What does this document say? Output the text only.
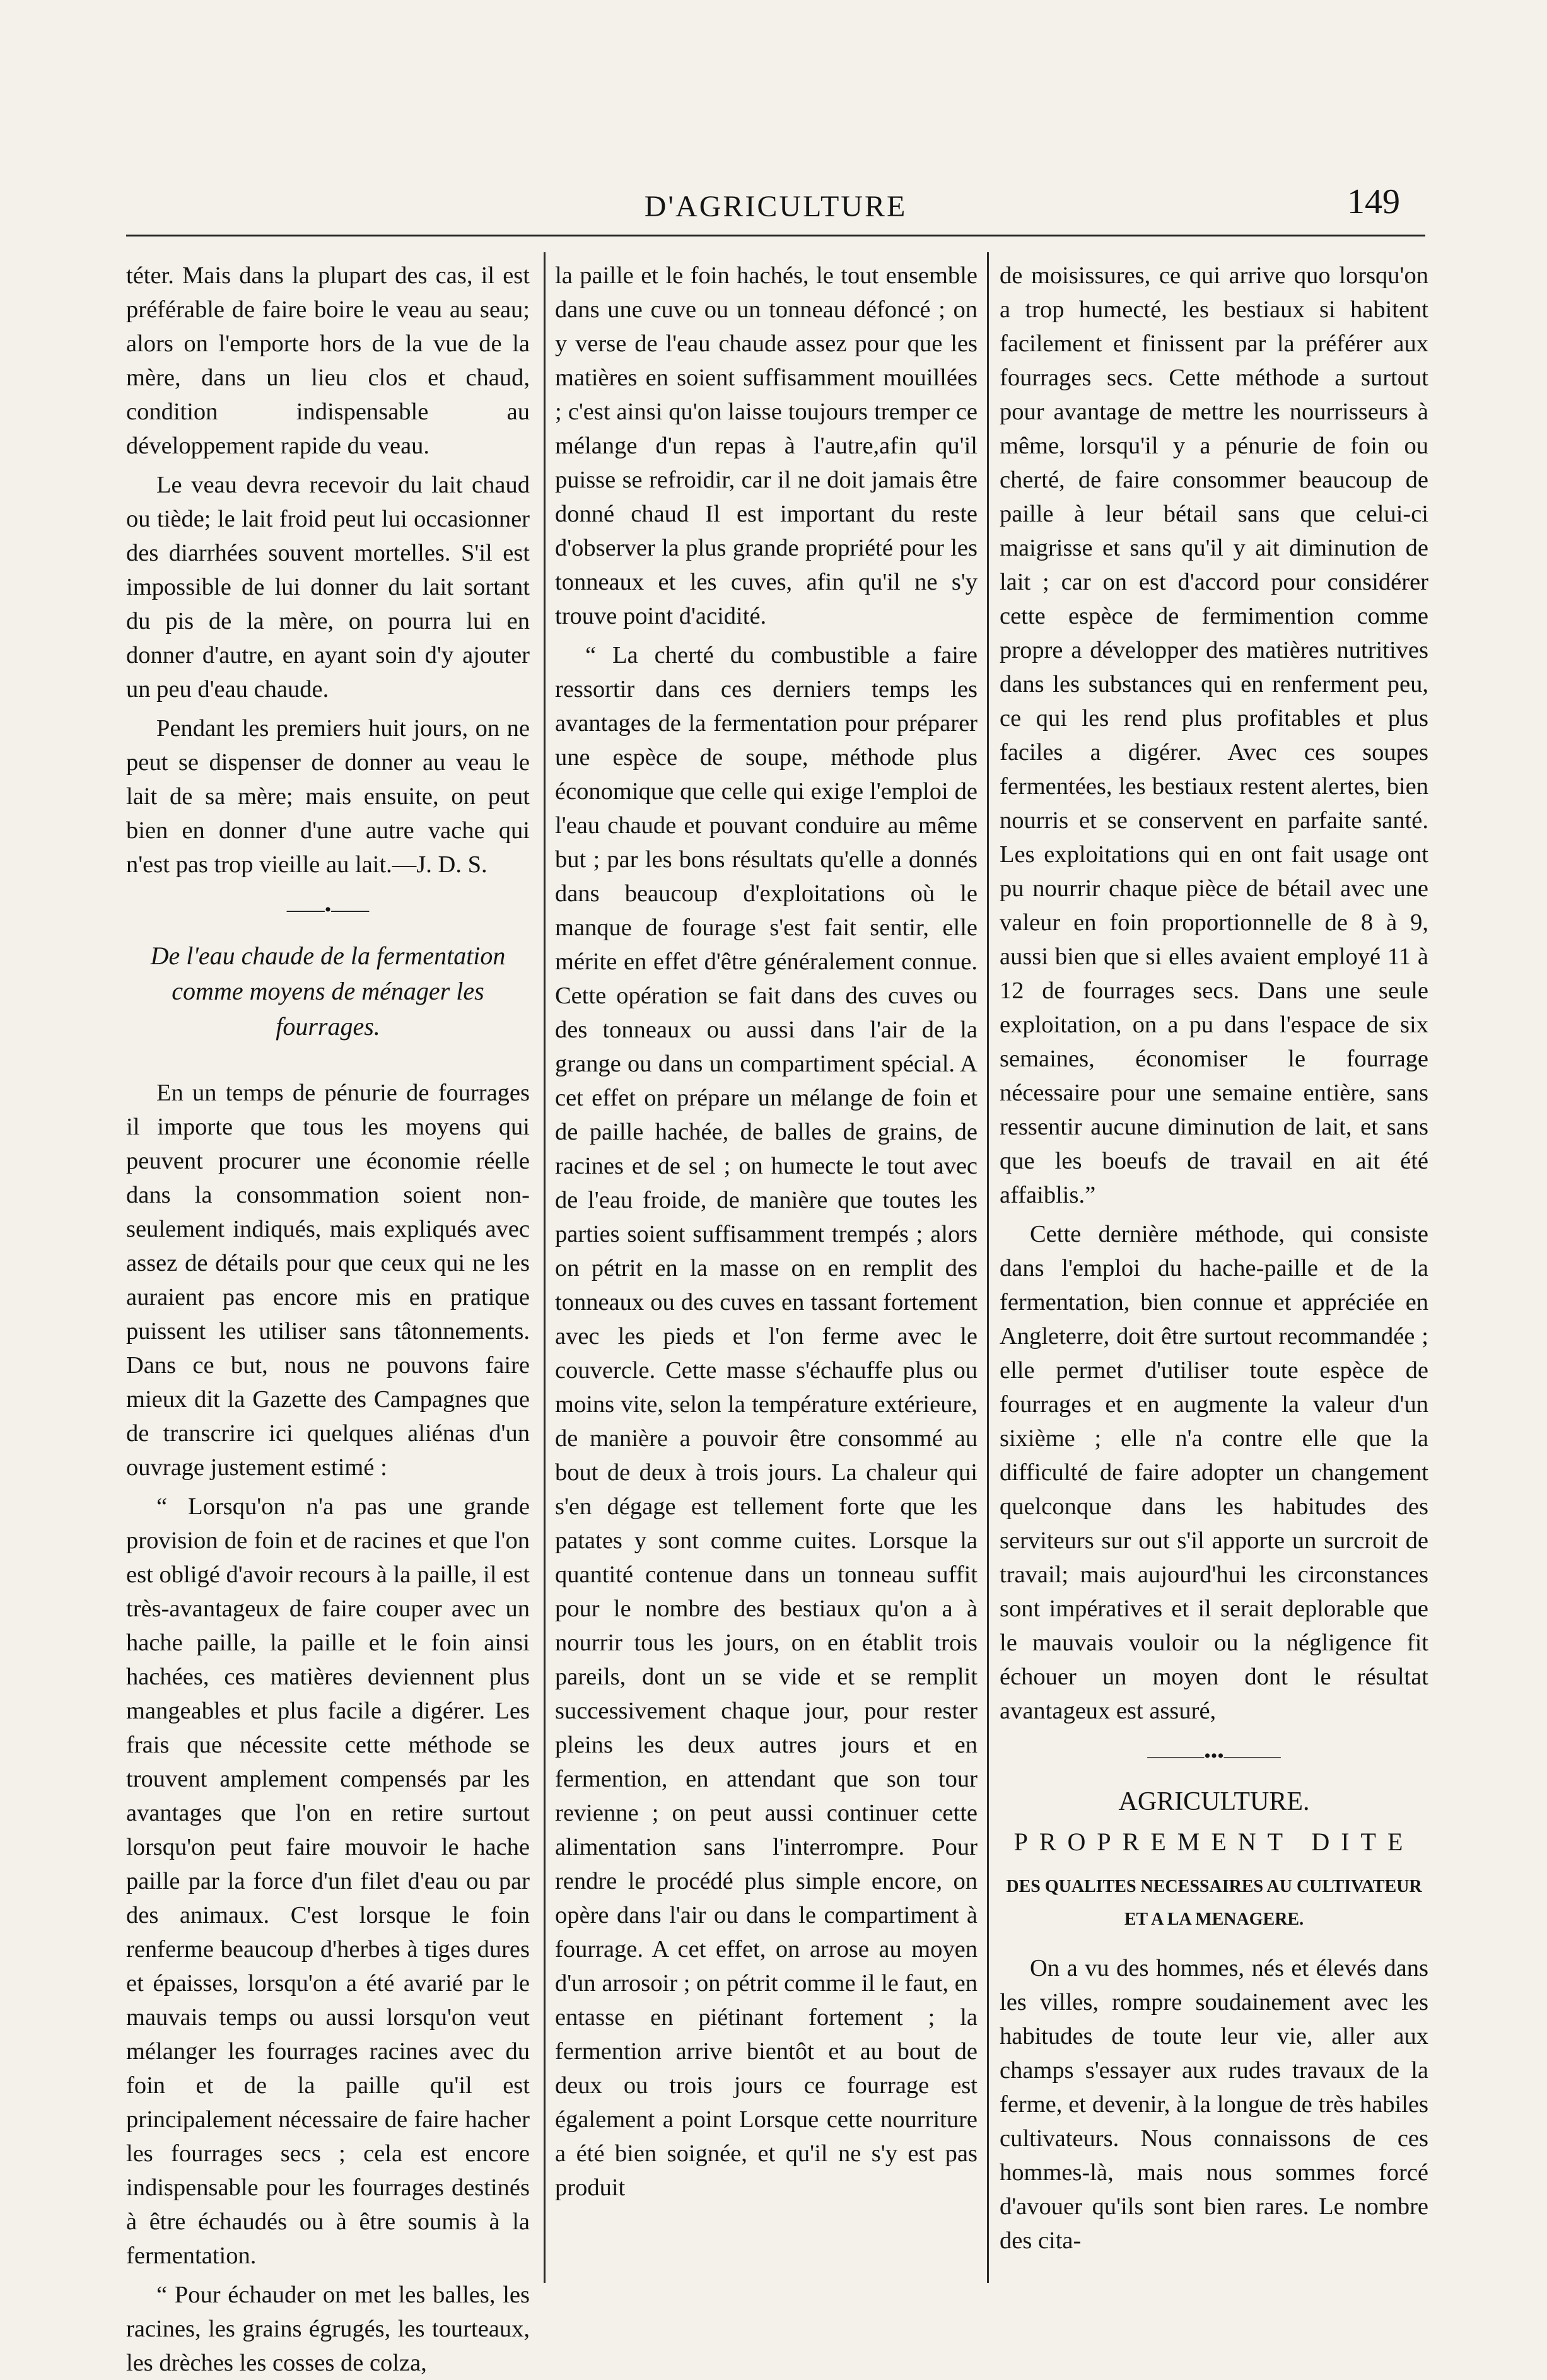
D'AGRICULTURE	149

téter. Mais dans la plupart des cas, il est préférable de faire boire le veau au seau; alors on l'emporte hors de la vue de la mère, dans un lieu clos et chaud, condition indispensable au développement rapide du veau.

Le veau devra recevoir du lait chaud ou tiède; le lait froid peut lui occasionner des diarrhées souvent mortelles. S'il est impossible de lui donner du lait sortant du pis de la mère, on pourra lui en donner d'autre, en ayant soin d'y ajouter un peu d'eau chaude.

Pendant les premiers huit jours, on ne peut se dispenser de donner au veau le lait de sa mère; mais ensuite, on peut bien en donner d'une autre vache qui n'est pas trop vieille au lait.—J. D. S.

——•——
De l'eau chaude de la fermentation comme moyens de ménager les fourrages.

En un temps de pénurie de fourrages il importe que tous les moyens qui peuvent procurer une économie réelle dans la consommation soient non-seulement indiqués, mais expliqués avec assez de détails pour que ceux qui ne les auraient pas encore mis en pratique puissent les utiliser sans tâtonnements. Dans ce but, nous ne pouvons faire mieux dit la Gazette des Campagnes que de transcrire ici quelques aliénas d'un ouvrage justement estimé :

“ Lorsqu'on n'a pas une grande provision de foin et de racines et que l'on est obligé d'avoir recours à la paille, il est très-avantageux de faire couper avec un hache paille, la paille et le foin ainsi hachées, ces matières deviennent plus mangeables et plus facile a digérer. Les frais que nécessite cette méthode se trouvent amplement compensés par les avantages que l'on en retire surtout lorsqu'on peut faire mouvoir le hache paille par la force d'un filet d'eau ou par des animaux. C'est lorsque le foin renferme beaucoup d'herbes à tiges dures et épaisses, lorsqu'on a été avarié par le mauvais temps ou aussi lorsqu'on veut mélanger les fourrages racines avec du foin et de la paille qu'il est principalement nécessaire de faire hacher les fourrages secs ; cela est encore indispensable pour les fourrages destinés à être échaudés ou à être soumis à la fermentation.

“ Pour échauder on met les balles, les racines, les grains égrugés, les tourteaux, les drèches les cosses de colza,

la paille et le foin hachés, le tout ensemble dans une cuve ou un tonneau défoncé ; on y verse de l'eau chaude assez pour que les matières en soient suffisamment mouillées ; c'est ainsi qu'on laisse toujours tremper ce mélange d'un repas à l'autre,afin qu'il puisse se refroidir, car il ne doit jamais être donné chaud Il est important du reste d'observer la plus grande propriété pour les tonneaux et les cuves, afin qu'il ne s'y trouve point d'acidité.

“ La cherté du combustible a faire ressortir dans ces derniers temps les avantages de la fermentation pour préparer une espèce de soupe, méthode plus économique que celle qui exige l'emploi de l'eau chaude et pouvant conduire au même but ; par les bons résultats qu'elle a donnés dans beaucoup d'exploitations où le manque de fourage s'est fait sentir, elle mérite en effet d'être généralement connue. Cette opération se fait dans des cuves ou des tonneaux ou aussi dans l'air de la grange ou dans un compartiment spécial. A cet effet on prépare un mélange de foin et de paille hachée, de balles de grains, de racines et de sel ; on humecte le tout avec de l'eau froide, de manière que toutes les parties soient suffisamment trempés ; alors on pétrit en la masse on en remplit des tonneaux ou des cuves en tassant fortement avec les pieds et l'on ferme avec le couvercle. Cette masse s'échauffe plus ou moins vite, selon la température extérieure, de manière a pouvoir être consommé au bout de deux à trois jours. La chaleur qui s'en dégage est tellement forte que les patates y sont comme cuites. Lorsque la quantité contenue dans un tonneau suffit pour le nombre des bestiaux qu'on a à nourrir tous les jours, on en établit trois pareils, dont un se vide et se remplit successivement chaque jour, pour rester pleins les deux autres jours et en fermention, en attendant que son tour revienne ; on peut aussi continuer cette alimentation sans l'interrompre. Pour rendre le procédé plus simple encore, on opère dans l'air ou dans le compartiment à fourrage. A cet effet, on arrose au moyen d'un arrosoir ; on pétrit comme il le faut, en entasse en piétinant fortement ; la fermention arrive bientôt et au bout de deux ou trois jours ce fourrage est également a point Lorsque cette nourriture a été bien soignée, et qu'il ne s'y est pas produit

de moisissures, ce qui arrive quo lorsqu'on a trop humecté, les bestiaux si habitent facilement et finissent par la préférer aux fourrages secs. Cette méthode a surtout pour avantage de mettre les nourrisseurs à même, lorsqu'il y a pénurie de foin ou cherté, de faire consommer beaucoup de paille à leur bétail sans que celui-ci maigrisse et sans qu'il y ait diminution de lait ; car on est d'accord pour considérer cette espèce de fermimention comme propre a développer des matières nutritives dans les substances qui en renferment peu, ce qui les rend plus profitables et plus faciles a digérer. Avec ces soupes fermentées, les bestiaux restent alertes, bien nourris et se conservent en parfaite santé. Les exploitations qui en ont fait usage ont pu nourrir chaque pièce de bétail avec une valeur en foin proportionnelle de 8 à 9, aussi bien que si elles avaient employé 11 à 12 de fourrages secs. Dans une seule exploitation, on a pu dans l'espace de six semaines, économiser le fourrage nécessaire pour une semaine entière, sans ressentir aucune diminution de lait, et sans que les boeufs de travail en ait été affaiblis.”

Cette dernière méthode, qui consiste dans l'emploi du hache-paille et de la fermentation, bien connue et appréciée en Angleterre, doit être surtout recommandée ; elle permet d'utiliser toute espèce de fourrages et en augmente la valeur d'un sixième ; elle n'a contre elle que la difficulté de faire adopter un changement quelconque dans les habitudes des serviteurs sur out s'il apporte un surcroit de travail; mais aujourd'hui les circonstances sont impératives et il serait deplorable que le mauvais vouloir ou la négligence fit échouer un moyen dont le résultat avantageux est assuré,

———•••———
AGRICULTURE.
PROPREMENT DITE
DES QUALITES NECESSAIRES AU CULTIVATEUR ET A LA MENAGERE.

On a vu des hommes, nés et élevés dans les villes, rompre soudainement avec les habitudes de toute leur vie, aller aux champs s'essayer aux rudes travaux de la ferme, et devenir, à la longue de très habiles cultivateurs. Nous connaissons de ces hommes-là, mais nous sommes forcé d'avouer qu'ils sont bien rares. Le nombre des cita-
